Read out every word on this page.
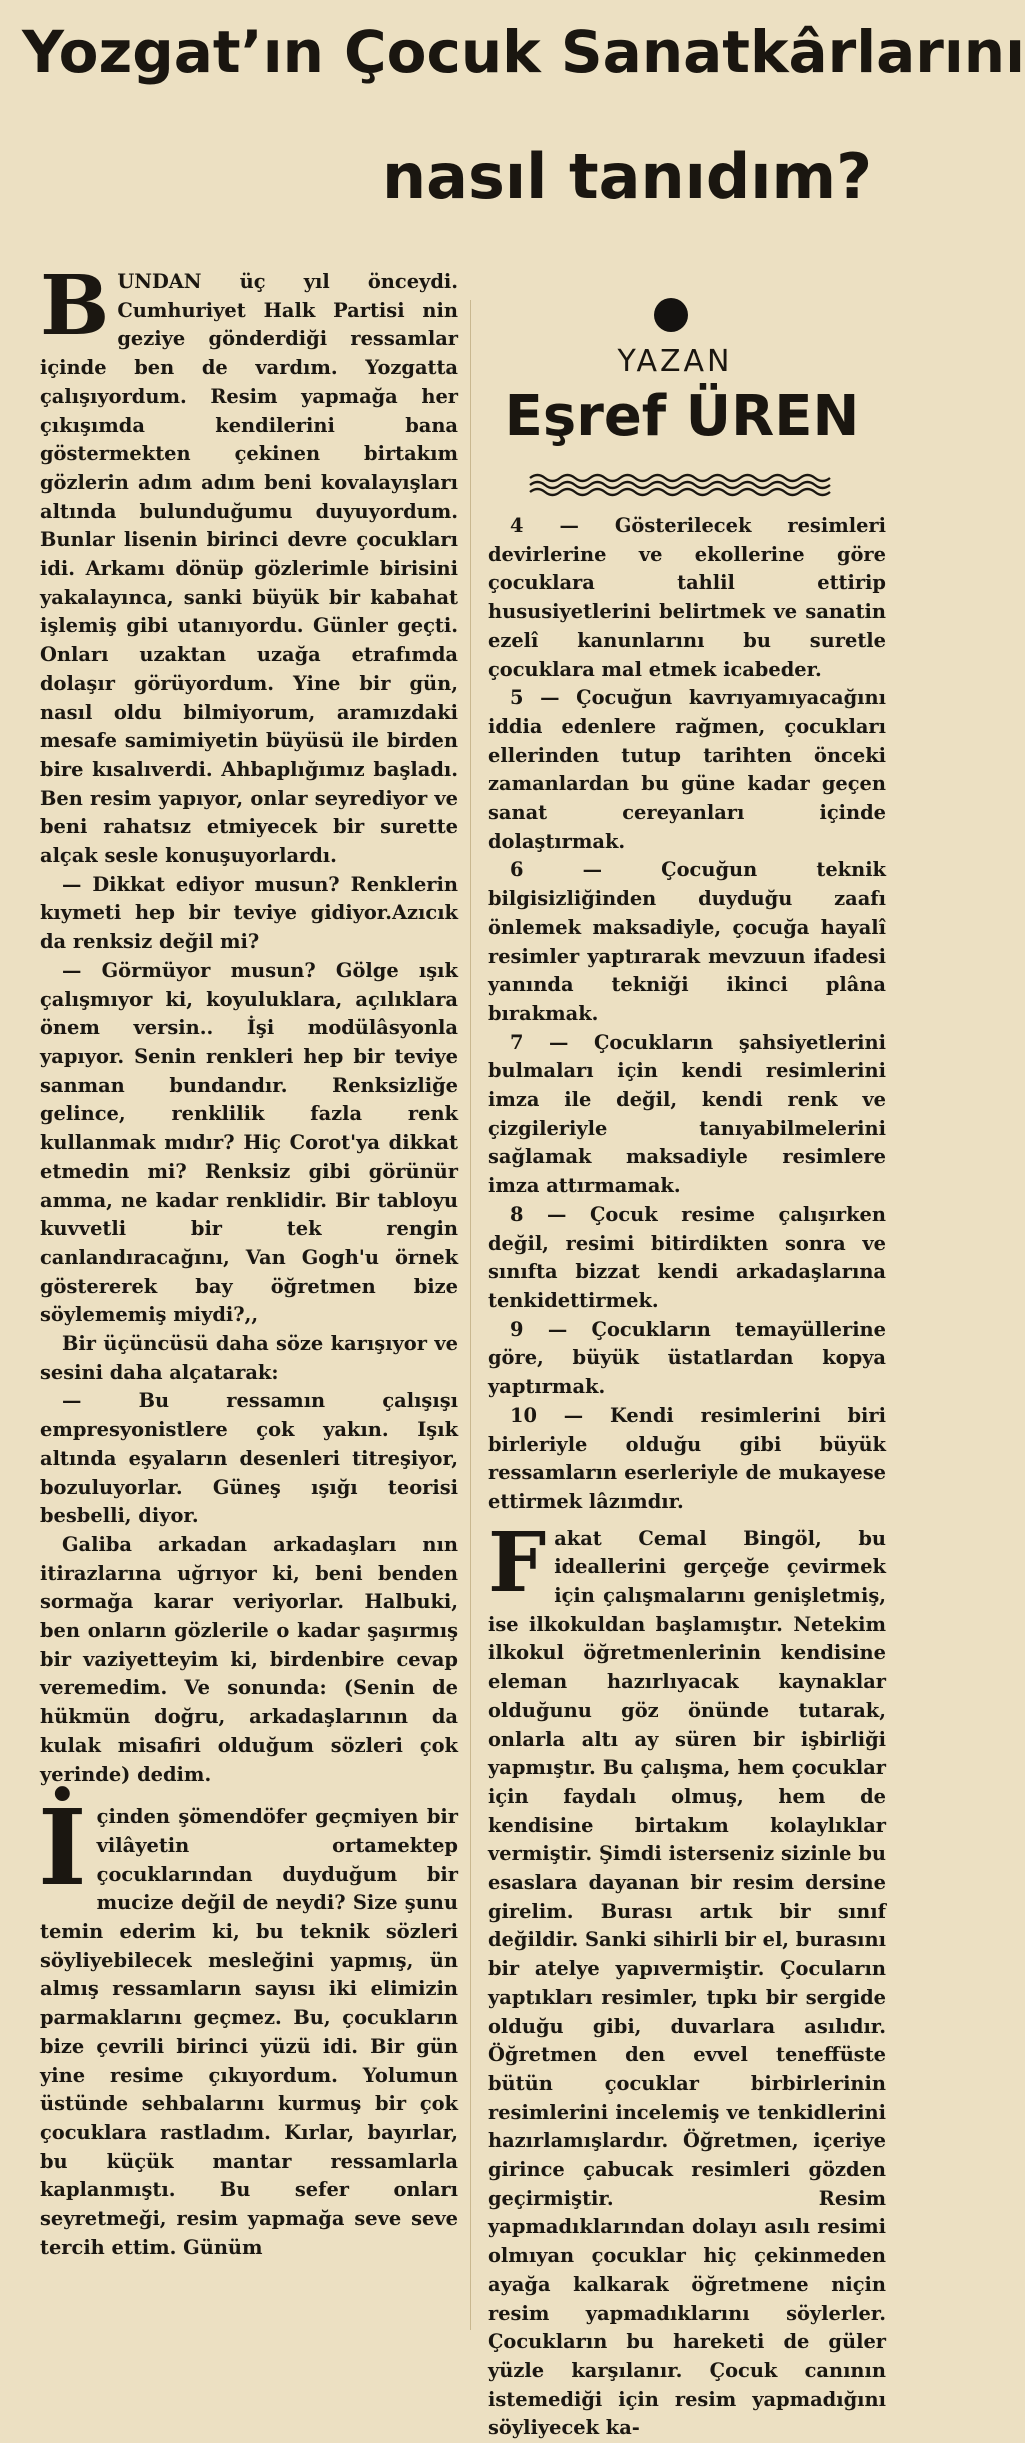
Yozgat’ın Çocuk Sanatkârlarını
nasıl tanıdım?
YAZAN
Eşref ÜREN

BUNDAN üç yıl önceydi. Cumhuriyet Halk Partisi nin geziye gönderdiği ressamlar içinde ben de vardım. Yozgatta çalışıyordum. Resim yapmağa her çıkışımda kendilerini bana göstermekten çekinen birtakım gözlerin adım adım beni kovalayışları altında bulunduğumu duyuyordum. Bunlar lisenin birinci devre çocukları idi. Arkamı dönüp gözlerimle birisini yakalayınca, sanki büyük bir kabahat işlemiş gibi utanıyordu. Günler geçti. Onları uzaktan uzağa etrafımda dolaşır görüyordum. Yine bir gün, nasıl oldu bilmiyorum, aramızdaki mesafe samimiyetin büyüsü ile birden bire kısalıverdi. Ahbaplığımız başladı. Ben resim yapıyor, onlar seyrediyor ve beni rahatsız etmiyecek bir surette alçak sesle konuşuyorlardı.

— Dikkat ediyor musun? Renklerin kıymeti hep bir teviye gidiyor.Azıcık da renksiz değil mi?

— Görmüyor musun? Gölge ışık çalışmıyor ki, koyuluklara, açılıklara önem versin.. İşi modülâsyonla yapıyor. Senin renkleri hep bir teviye sanman bundandır. Renksizliğe gelince, renklilik fazla renk kullanmak mıdır? Hiç Corot'ya dikkat etmedin mi? Renksiz gibi görünür amma, ne kadar renklidir. Bir tabloyu kuvvetli bir tek rengin canlandıracağını, Van Gogh'u örnek göstererek bay öğretmen bize söylememiş miydi?,,

Bir üçüncüsü daha söze karışıyor ve sesini daha alçatarak:

— Bu ressamın çalışışı empresyonistlere çok yakın. Işık altında eşyaların desenleri titreşiyor, bozuluyorlar. Güneş ışığı teorisi besbelli, diyor.

Galiba arkadan arkadaşları nın itirazlarına uğrıyor ki, beni benden sormağa karar veriyorlar. Halbuki, ben onların gözlerile o kadar şaşırmış bir vaziyetteyim ki, birdenbire cevap veremedim. Ve sonunda: (Senin de hükmün doğru, arkadaşlarının da kulak misafiri olduğum sözleri çok yerinde) dedim.

İçinden şömendöfer geçmiyen bir vilâyetin ortamektep çocuklarından duyduğum bir mucize değil de neydi? Size şunu temin ederim ki, bu teknik sözleri söyliyebilecek mesleğini yapmış, ün almış ressamların sayısı iki elimizin parmaklarını geçmez. Bu, çocukların bize çevrili birinci yüzü idi. Bir gün yine resime çıkıyordum. Yolumun üstünde sehbalarını kurmuş bir çok çocuklara rastladım. Kırlar, bayırlar, bu küçük mantar ressamlarla kaplanmıştı. Bu sefer onları seyretmeği, resim yapmağa seve seve tercih ettim. Günüm

4 — Gösterilecek resimleri devirlerine ve ekollerine göre çocuklara tahlil ettirip hususiyetlerini belirtmek ve sanatin ezelî kanunlarını bu suretle çocuklara mal etmek icabeder.

5 — Çocuğun kavrıyamıyacağını iddia edenlere rağmen, çocukları ellerinden tutup tarihten önceki zamanlardan bu güne kadar geçen sanat cereyanları içinde dolaştırmak.

6 — Çocuğun teknik bilgisizliğinden duyduğu zaafı önlemek maksadiyle, çocuğa hayalî resimler yaptırarak mevzuun ifadesi yanında tekniği ikinci plâna bırakmak.

7 — Çocukların şahsiyetlerini bulmaları için kendi resimlerini imza ile değil, kendi renk ve çizgileriyle tanıyabilmelerini sağlamak maksadiyle resimlere imza attırmamak.

8 — Çocuk resime çalışırken değil, resimi bitirdikten sonra ve sınıfta bizzat kendi arkadaşlarına tenkidettirmek.

9 — Çocukların temayüllerine göre, büyük üstatlardan kopya yaptırmak.

10 — Kendi resimlerini biri birleriyle olduğu gibi büyük ressamların eserleriyle de mukayese ettirmek lâzımdır.

Fakat Cemal Bingöl, bu ideallerini gerçeğe çevirmek için çalışmalarını genişletmiş, ise ilkokuldan başlamıştır. Netekim ilkokul öğretmenlerinin kendisine eleman hazırlıyacak kaynaklar olduğunu göz önünde tutarak, onlarla altı ay süren bir işbirliği yapmıştır. Bu çalışma, hem çocuklar için faydalı olmuş, hem de kendisine birtakım kolaylıklar vermiştir. Şimdi isterseniz sizinle bu esaslara dayanan bir resim dersine girelim. Burası artık bir sınıf değildir. Sanki sihirli bir el, burasını bir atelye yapıvermiştir. Çocuların yaptıkları resimler, tıpkı bir sergide olduğu gibi, duvarlara asılıdır. Öğretmen den evvel teneffüste bütün çocuklar birbirlerinin resimlerini incelemiş ve tenkidlerini hazırlamışlardır. Öğretmen, içeriye girince çabucak resimleri gözden geçirmiştir. Resim yapmadıklarından dolayı asılı resimi olmıyan çocuklar hiç çekinmeden ayağa kalkarak öğretmene niçin resim yapmadıklarını söylerler. Çocukların bu hareketi de güler yüzle karşılanır. Çocuk canının istemediği için resim yapmadığını söyliyecek ka-
